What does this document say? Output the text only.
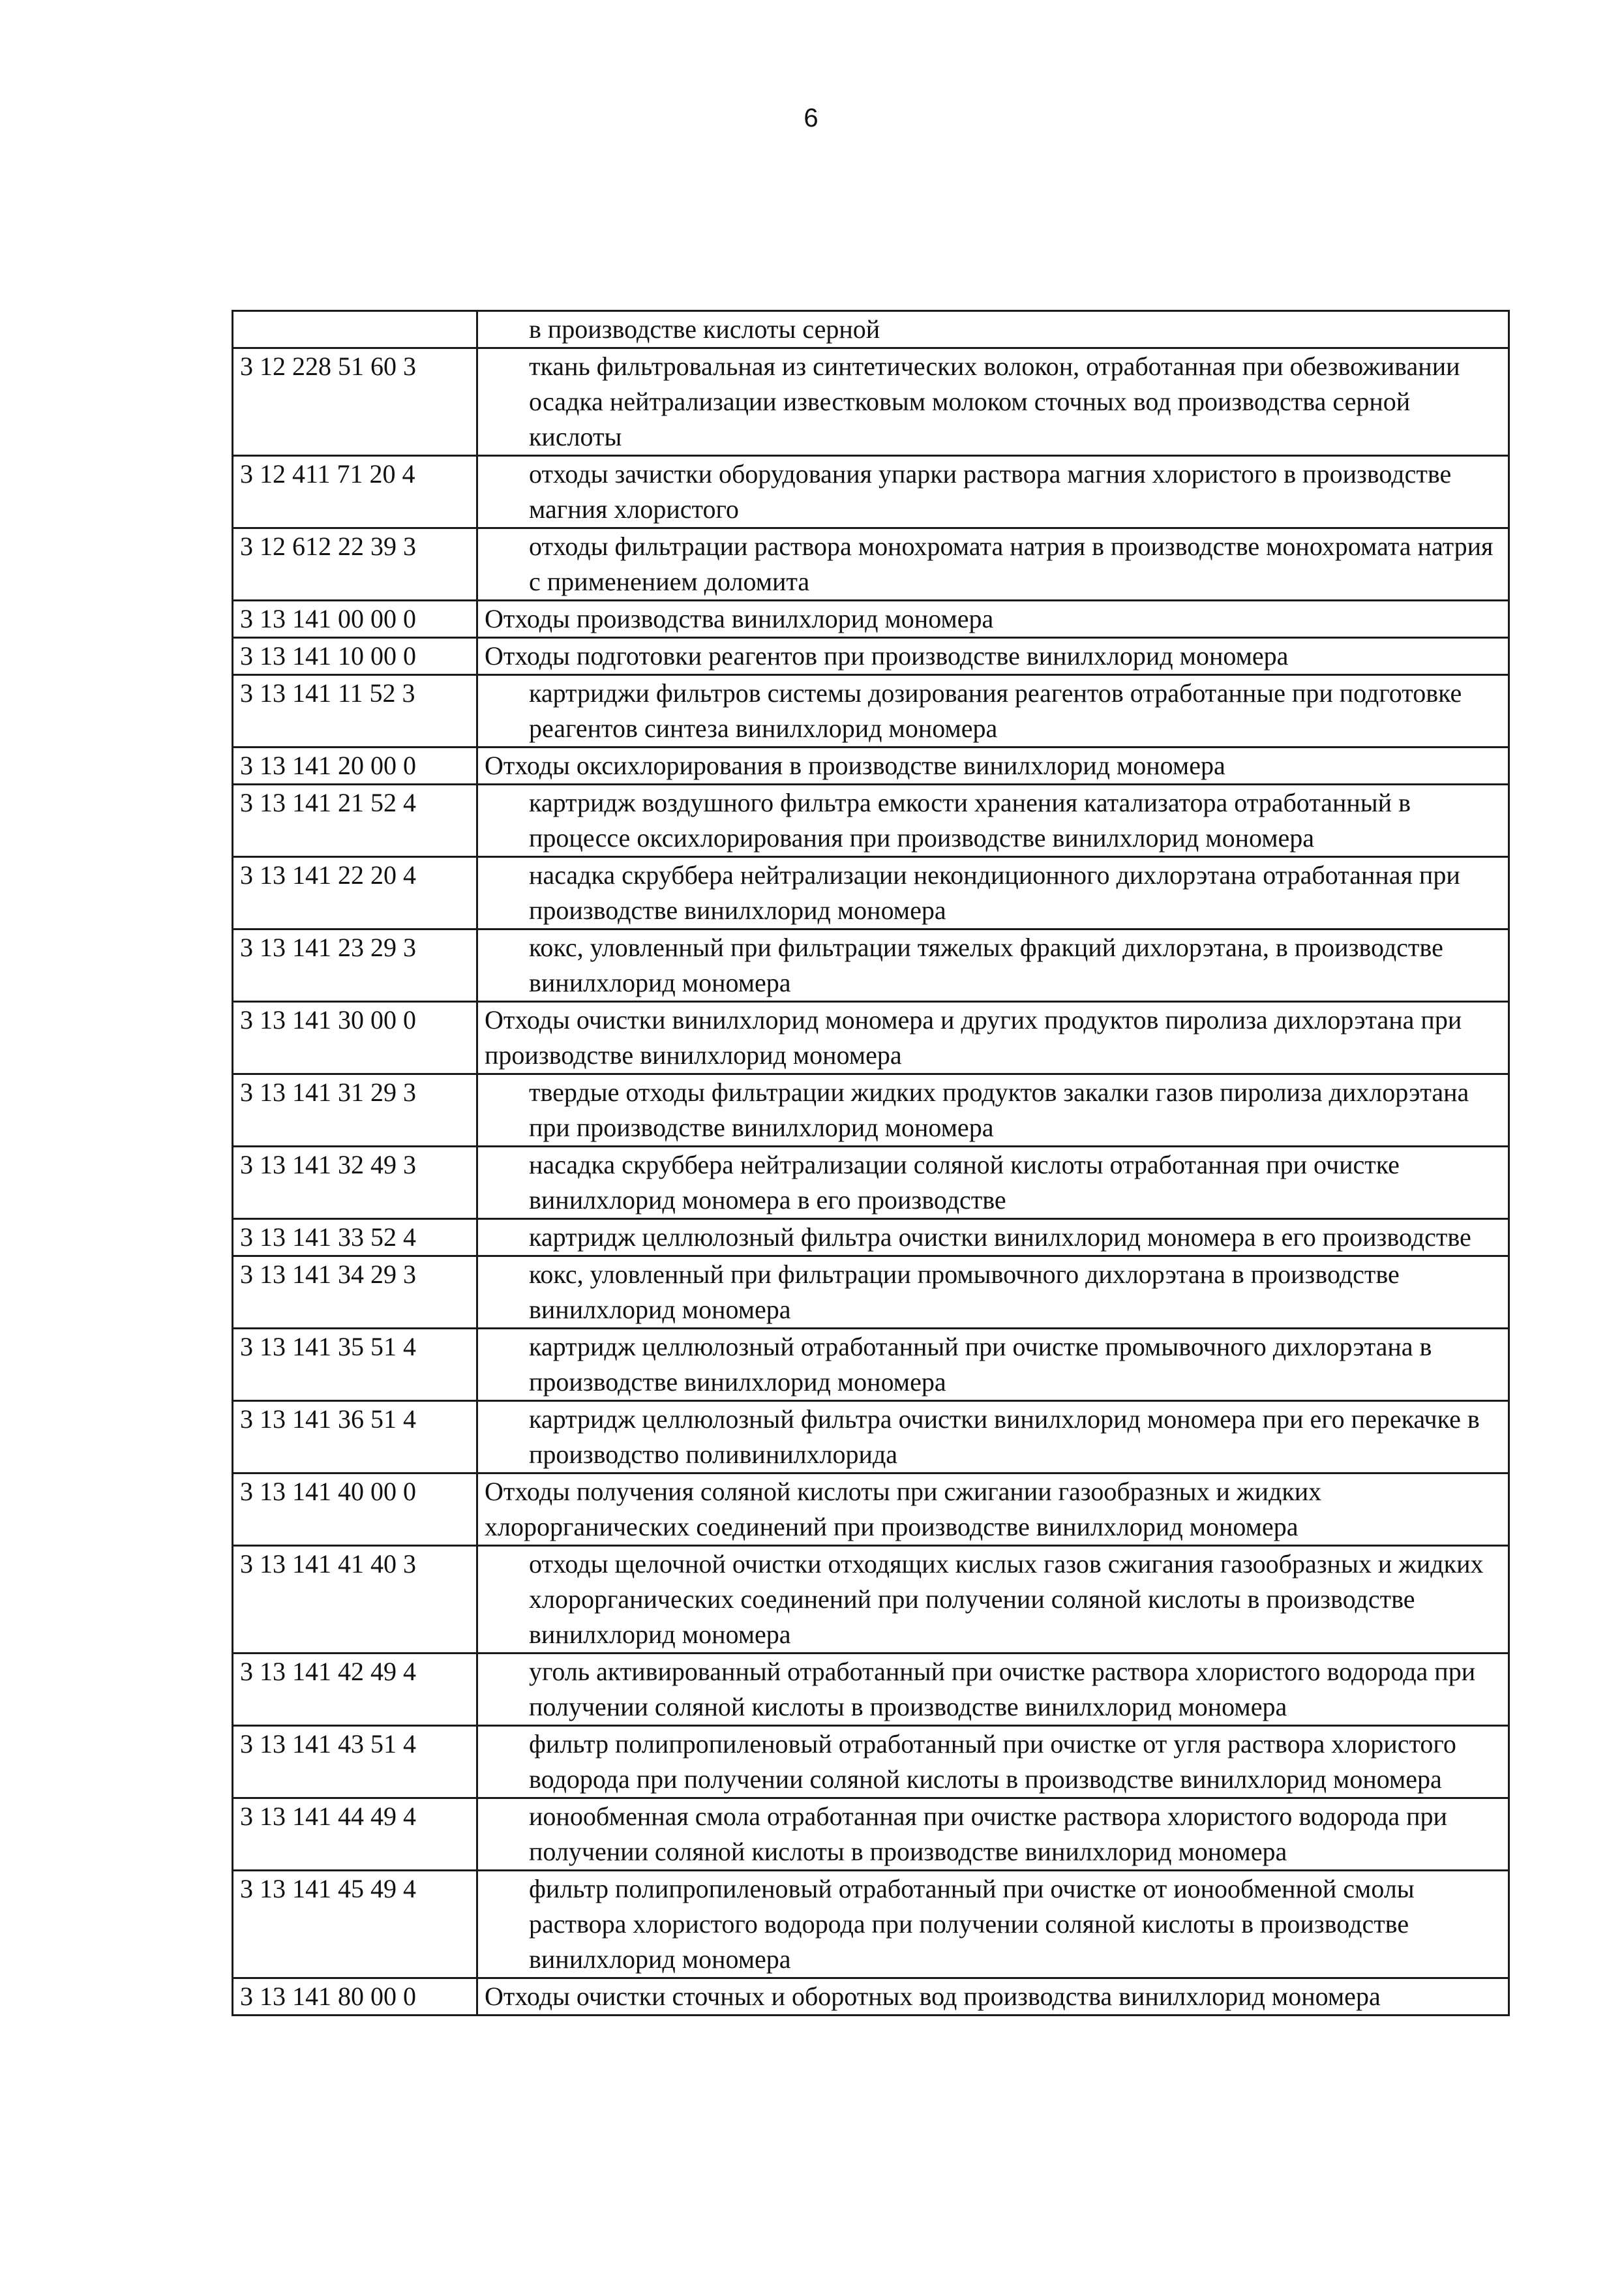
6
	в производстве кислоты серной
3 12 228 51 60 3	ткань фильтровальная из синтетических волокон, отработанная при обезвоживании осадка нейтрализации известковым молоком сточных вод производства серной кислоты
3 12 411 71 20 4	отходы зачистки оборудования упарки раствора магния хлористого в производстве магния хлористого
3 12 612 22 39 3	отходы фильтрации раствора монохромата натрия в производстве монохромата натрия с применением доломита
3 13 141 00 00 0	Отходы производства винилхлорид мономера
3 13 141 10 00 0	Отходы подготовки реагентов при производстве винилхлорид мономера
3 13 141 11 52 3	картриджи фильтров системы дозирования реагентов отработанные при подготовке реагентов синтеза винилхлорид мономера
3 13 141 20 00 0	Отходы оксихлорирования в производстве винилхлорид мономера
3 13 141 21 52 4	картридж воздушного фильтра емкости хранения катализатора отработанный в процессе оксихлорирования при производстве винилхлорид мономера
3 13 141 22 20 4	насадка скруббера нейтрализации некондиционного дихлорэтана отработанная при производстве винилхлорид мономера
3 13 141 23 29 3	кокс, уловленный при фильтрации тяжелых фракций дихлорэтана, в производстве винилхлорид мономера
3 13 141 30 00 0	Отходы очистки винилхлорид мономера и других продуктов пиролиза дихлорэтана при производстве винилхлорид мономера
3 13 141 31 29 3	твердые отходы фильтрации жидких продуктов закалки газов пиролиза дихлорэтана при производстве винилхлорид мономера
3 13 141 32 49 3	насадка скруббера нейтрализации соляной кислоты отработанная при очистке винилхлорид мономера в его производстве
3 13 141 33 52 4	картридж целлюлозный фильтра очистки винилхлорид мономера в его производстве
3 13 141 34 29 3	кокс, уловленный при фильтрации промывочного дихлорэтана в производстве винилхлорид мономера
3 13 141 35 51 4	картридж целлюлозный отработанный при очистке промывочного дихлорэтана в производстве винилхлорид мономера
3 13 141 36 51 4	картридж целлюлозный фильтра очистки винилхлорид мономера при его перекачке в производство поливинилхлорида
3 13 141 40 00 0	Отходы получения соляной кислоты при сжигании газообразных и жидких хлорорганических соединений при производстве винилхлорид мономера
3 13 141 41 40 3	отходы щелочной очистки отходящих кислых газов сжигания газообразных и жидких хлорорганических соединений при получении соляной кислоты в производстве винилхлорид мономера
3 13 141 42 49 4	уголь активированный отработанный при очистке раствора хлористого водорода при получении соляной кислоты в производстве винилхлорид мономера
3 13 141 43 51 4	фильтр полипропиленовый отработанный при очистке от угля раствора хлористого водорода при получении соляной кислоты в производстве винилхлорид мономера
3 13 141 44 49 4	ионообменная смола отработанная при очистке раствора хлористого водорода при получении соляной кислоты в производстве винилхлорид мономера
3 13 141 45 49 4	фильтр полипропиленовый отработанный при очистке от ионообменной смолы раствора хлористого водорода при получении соляной кислоты в производстве винилхлорид мономера
3 13 141 80 00 0	Отходы очистки сточных и оборотных вод производства винилхлорид мономера
